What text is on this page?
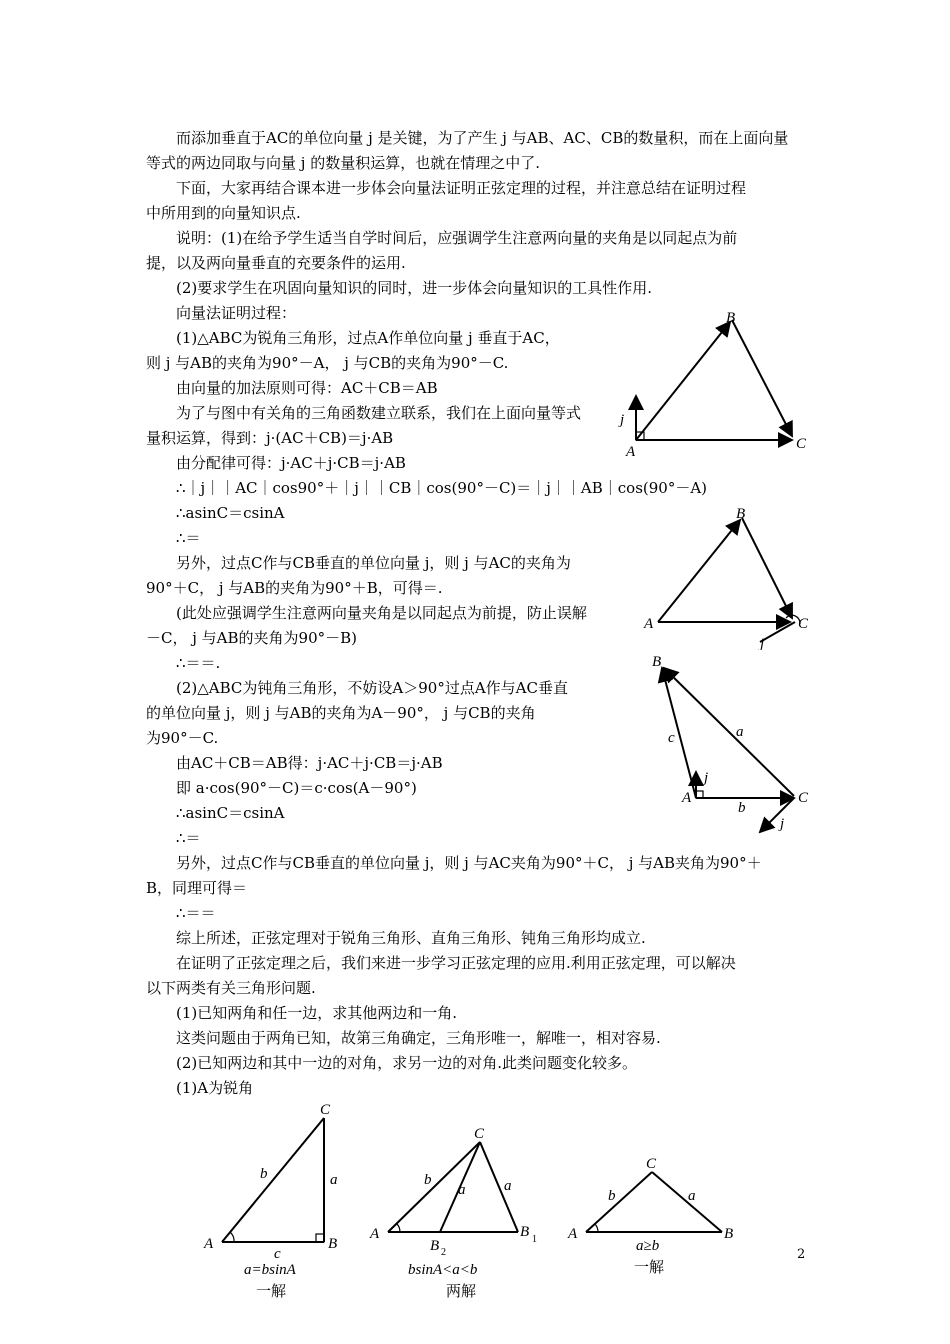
而添加垂直于AC的单位向量 j 是关键，为了产生 j 与AB、AC、CB的数量积，而在上面向量
等式的两边同取与向量 j 的数量积运算，也就在情理之中了.
下面，大家再结合课本进一步体会向量法证明正弦定理的过程，并注意总结在证明过程
中所用到的向量知识点.
说明：(1)在给予学生适当自学时间后，应强调学生注意两向量的夹角是以同起点为前
提，以及两向量垂直的充要条件的运用.
(2)要求学生在巩固向量知识的同时，进一步体会向量知识的工具性作用.
向量法证明过程：
(1)△ABC为锐角三角形，过点A作单位向量 j 垂直于AC，
则 j 与AB的夹角为90°－A， j 与CB的夹角为90°－C.
由向量的加法原则可得：AC＋CB＝AB
为了与图中有关角的三角函数建立联系，我们在上面向量等式
量积运算，得到：j·(AC＋CB)＝j·AB
由分配律可得：j·AC＋j·CB＝j·AB
∴｜j｜｜AC｜cos90°＋｜j｜｜CB｜cos(90°－C)＝｜j｜｜AB｜cos(90°－A)
∴asinC＝csinA
∴＝
另外，过点C作与CB垂直的单位向量 j，则 j 与AC的夹角为
90°＋C， j 与AB的夹角为90°＋B，可得＝.
(此处应强调学生注意两向量夹角是以同起点为前提，防止误解
－C， j 与AB的夹角为90°－B)
∴＝＝.
(2)△ABC为钝角三角形，不妨设A＞90°过点A作与AC垂直
的单位向量 j，则 j 与AB的夹角为A－90°， j 与CB的夹角
为90°－C.
由AC＋CB＝AB得：j·AC＋j·CB＝j·AB
即 a·cos(90°－C)＝c·cos(A－90°)
∴asinC＝csinA
∴＝
另外，过点C作与CB垂直的单位向量 j，则 j 与AC夹角为90°＋C， j 与AB夹角为90°＋
B，同理可得＝
∴＝＝
综上所述，正弦定理对于锐角三角形、直角三角形、钝角三角形均成立.
在证明了正弦定理之后，我们来进一步学习正弦定理的应用.利用正弦定理，可以解决
以下两类有关三角形问题.
(1)已知两角和任一边，求其他两边和一角.
这类问题由于两角已知，故第三角确定，三角形唯一，解唯一，相对容易.
(2)已知两边和其中一边的对角，求另一边的对角.此类问题变化较多。
(1)A为锐角
A
B
C
j
A
B
C
j
A
B
C
a
b
c
j
j
A	B
C
a
b
c
a=bsinA
一解
A
C
B 1
B 2
b
a	a
bsinA<a<b
两解
A
C
B
b	a
a≥b
一解
2
